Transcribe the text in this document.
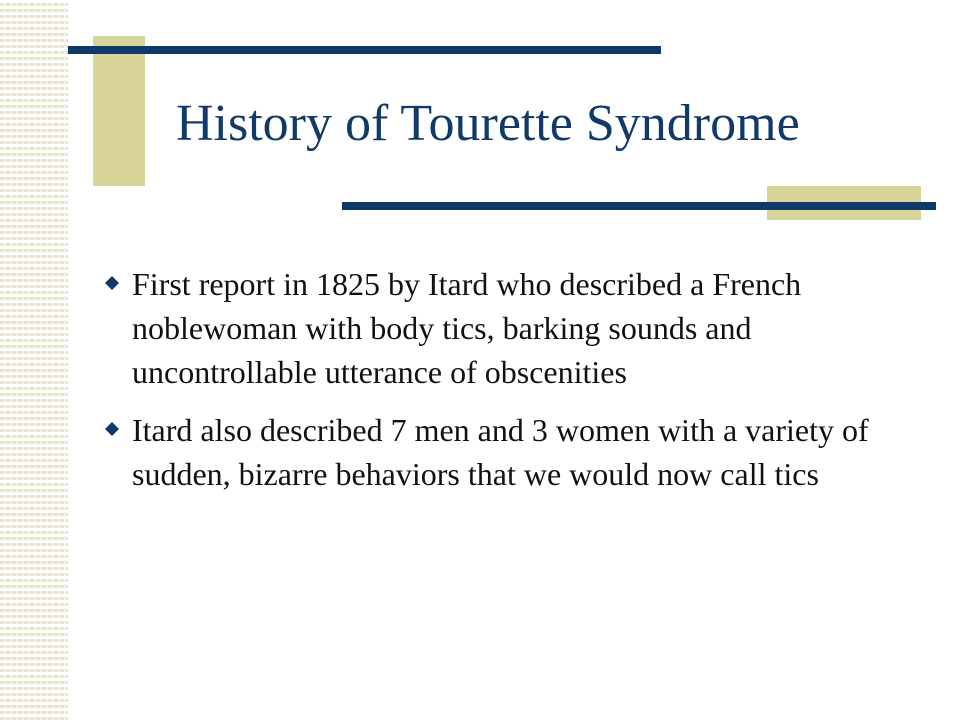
History of Tourette Syndrome
First report in 1825 by Itard who described a French noblewoman with body tics, barking sounds and uncontrollable utterance of obscenities
Itard also described 7 men and 3 women with a variety of sudden, bizarre behaviors that we would now call tics
